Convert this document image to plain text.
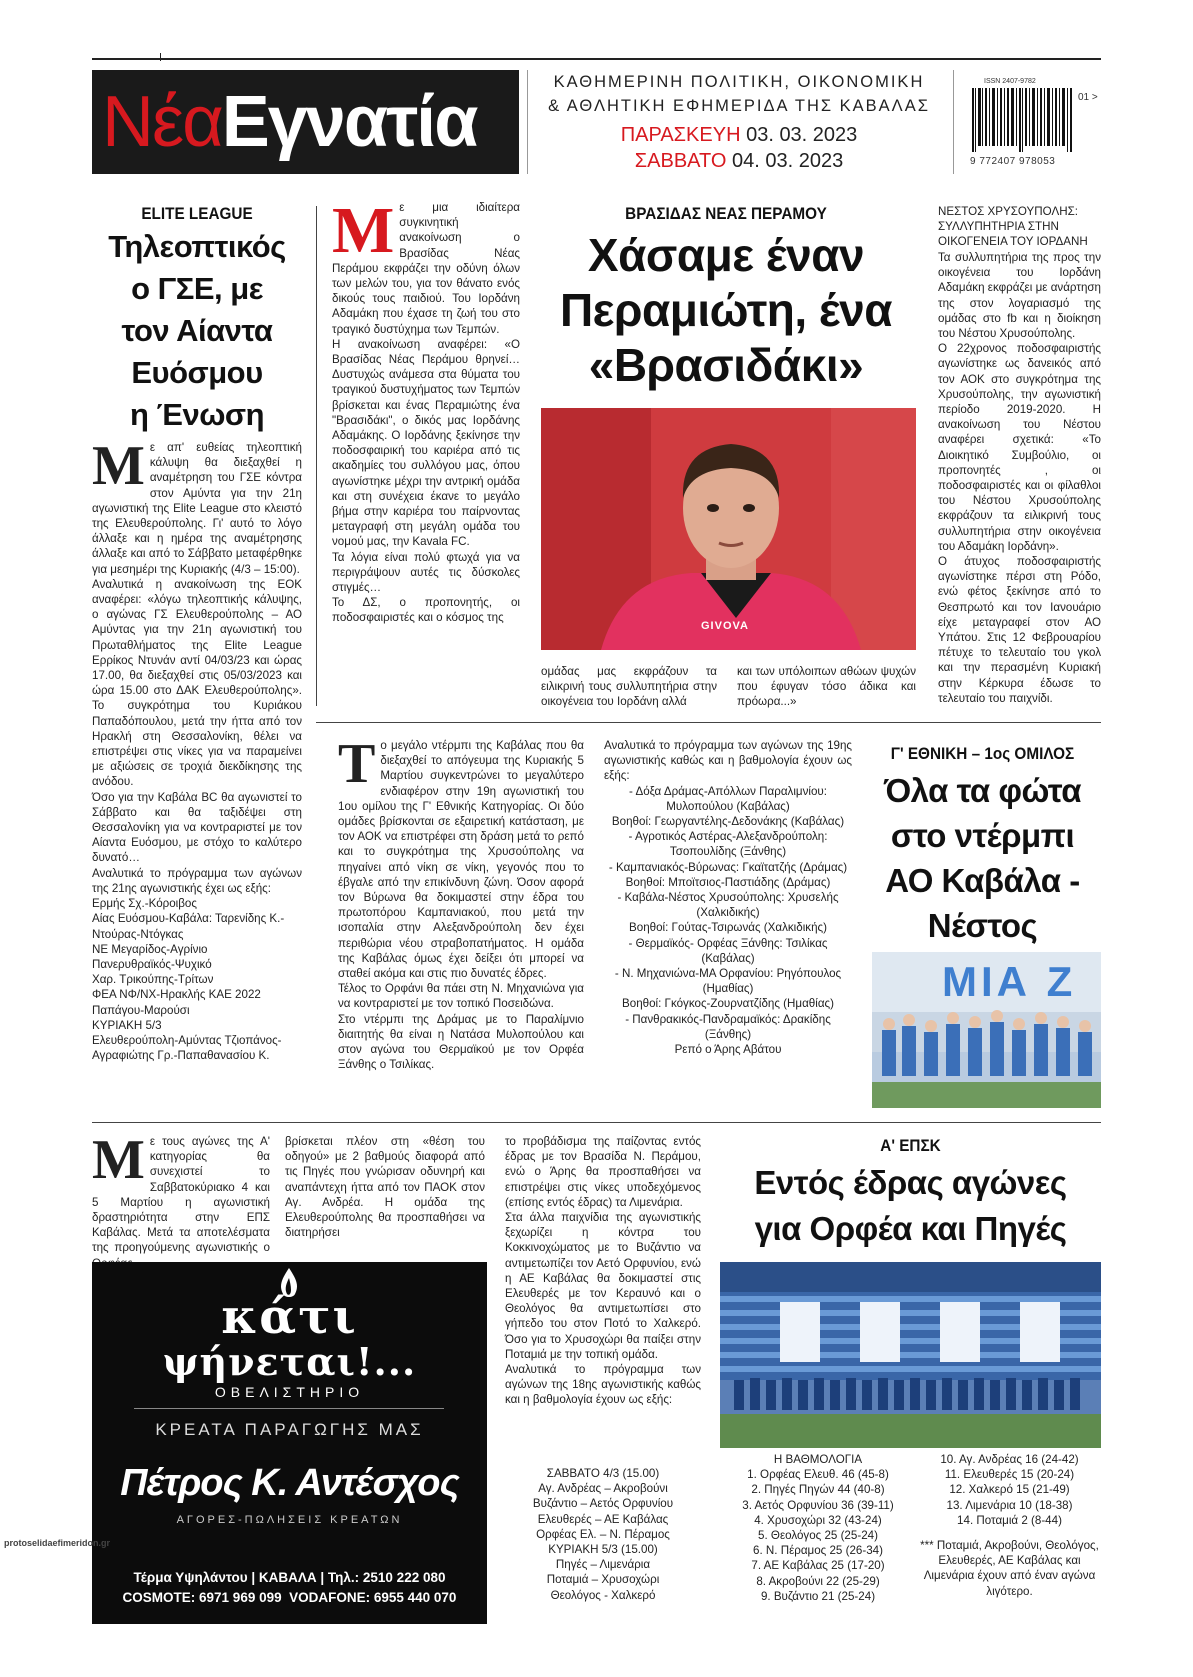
ΝέαΕγνατία	ΚΑΘΗΜΕΡΙΝΗ ΠΟΛΙΤΙΚΗ, ΟΙΚΟΝΟΜΙΚΗ
& ΑΘΛΗΤΙΚΗ ΕΦΗΜΕΡΙΔΑ ΤΗΣ ΚΑΒΑΛΑΣ
ΠΑΡΑΣΚΕΥΗ 03. 03. 2023
ΣΑΒΒΑΤΟ 04. 03. 2023
ISSN 2407-9782
01 >
9 772407 978053
ELITE LEAGUE
Τηλεοπτικός
ο ΓΣΕ, με
τον Αίαντα
Ευόσμου
η Ένωση
Μ ε απ' ευθείας τηλεοπτική κάλυψη θα διεξαχθεί η αναμέτρηση του ΓΣΕ κόντρα στον Αμύντα για την 21η αγωνιστική της Elite League στο κλειστό της Ελευθερούπολης. Γι' αυτό το λόγο άλλαξε και η ημέρα της αναμέτρησης άλλαξε και από το Σάββατο μεταφέρθηκε για μεσημέρι της Κυριακής (4/3 – 15:00).

Αναλυτικά η ανακοίνωση της ΕΟΚ αναφέρει: «λόγω τηλεοπτικής κάλυψης, ο αγώνας ΓΣ Ελευθερούπολης – ΑΟ Αμύντας για την 21η αγωνιστική του Πρωταθλήματος της Elite League Ερρίκος Ντυνάν αντί 04/03/23 και ώρας 17.00, θα διεξαχθεί στις 05/03/2023 και ώρα 15.00 στο ΔΑΚ Ελευθερούπολης». Το συγκρότημα του Κυριάκου Παπαδόπουλου, μετά την ήττα από τον Ηρακλή στη Θεσσαλονίκη, θέλει να επιστρέψει στις νίκες για να παραμείνει με αξιώσεις σε τροχιά διεκδίκησης της ανόδου.

Όσο για την Καβάλα BC θα αγωνιστεί το Σάββατο και θα ταξιδέψει στη Θεσσαλονίκη για να κοντραριστεί με τον Αίαντα Ευόσμου, με στόχο το καλύτερο δυνατό…

Αναλυτικά το πρόγραμμα των αγώνων της 21ης αγωνιστικής έχει ως εξής:

Ερμής Σχ.-Κόροιβος
Αίας Ευόσμου-Καβάλα: Ταρενίδης Κ.-Ντούρας-Ντόγκας
ΝΕ Μεγαρίδος-Αγρίνιο
Πανερυθραϊκός-Ψυχικό
Χαρ. Τρικούπης-Τρίτων
ΦΕΑ ΝΦ/ΝΧ-Ηρακλής ΚΑΕ 2022
Παπάγου-Μαρούσι
ΚΥΡΙΑΚΗ 5/3
Ελευθερούπολη-Αμύντας Τζιοπάνος-Αγραφιώτης Γρ.-Παπαθανασίου Κ.
Μ ε μια ιδιαίτερα συγκινητική ανακοίνωση ο Βρασίδας Νέας Περάμου εκφράζει την οδύνη όλων των μελών του, για τον θάνατο ενός δικούς τους παιδιού. Του Ιορδάνη Αδαμάκη που έχασε τη ζωή του στο τραγικό δυστύχημα των Τεμπών.

Η ανακοίνωση αναφέρει: «Ο Βρασίδας Νέας Περάμου θρηνεί… Δυστυχώς ανάμεσα στα θύματα του τραγικού δυστυχήματος των Τεμπών βρίσκεται και ένας Περαμιώτης ένα "Βρασιδάκι", ο δικός μας Ιορδάνης Αδαμάκης. Ο Ιορδάνης ξεκίνησε την ποδοσφαιρική του καριέρα από τις ακαδημίες του συλλόγου μας, όπου αγωνίστηκε μέχρι την αντρική ομάδα και στη συνέχεια έκανε το μεγάλο βήμα στην καριέρα του παίρνοντας μεταγραφή στη μεγάλη ομάδα του νομού μας, την Kavala FC.

Τα λόγια είναι πολύ φτωχά για να περιγράψουν αυτές τις δύσκολες στιγμές…

Το ΔΣ, ο προπονητής, οι ποδοσφαιριστές και ο κόσμος της

ΒΡΑΣΙΔΑΣ ΝΕΑΣ ΠΕΡΑΜΟΥ
Χάσαμε έναν
Περαμιώτη, ένα
«Βρασιδάκι»
GIVOVA
ομάδας μας εκφράζουν τα ειλικρινή τους συλλυπητήρια στην οικογένεια του Ιορδάνη αλλά
και των υπόλοιπων αθώων ψυχών που έφυγαν τόσο άδικα και πρόωρα...»
ΝΕΣΤΟΣ ΧΡΥΣΟΥΠΟΛΗΣ:
ΣΥΛΛΥΠΗΤΗΡΙΑ ΣΤΗΝ
ΟΙΚΟΓΕΝΕΙΑ ΤΟΥ ΙΟΡΔΑΝΗ

Τα συλλυπητήρια της προς την οικογένεια του Ιορδάνη Αδαμάκη εκφράζει με ανάρτηση της στον λογαριασμό της ομάδας στο fb και η διοίκηση του Νέστου Χρυσούπολης.

Ο 22χρονος ποδοσφαιριστής αγωνίστηκε ως δανεικός από τον ΑΟΚ στο συγκρότημα της Χρυσούπολης, την αγωνιστική περίοδο 2019-2020. Η ανακοίνωση του Νέστου αναφέρει σχετικά: «Το Διοικητικό Συμβούλιο, οι προπονητές , οι ποδοσφαιριστές και οι φίλαθλοι του Νέστου Χρυσούπολης εκφράζουν τα ειλικρινή τους συλλυπητήρια στην οικογένεια του Αδαμάκη Ιορδάνη».

Ο άτυχος ποδοσφαιριστής αγωνίστηκε πέρσι στη Ρόδο, ενώ φέτος ξεκίνησε από το Θεσπρωτό και τον Ιανουάριο είχε μεταγραφεί στον ΑΟ Υπάτου. Στις 12 Φεβρουαρίου πέτυχε το τελευταίο του γκολ και την περασμένη Κυριακή στην Κέρκυρα έδωσε το τελευταίο του παιχνίδι.

Τ ο μεγάλο ντέρμπι της Καβάλας που θα διεξαχθεί το απόγευμα της Κυριακής 5 Μαρτίου συγκεντρώνει το μεγαλύτερο ενδιαφέρον στην 19η αγωνιστική του 1ου ομίλου της Γ' Εθνικής Κατηγορίας. Οι δύο ομάδες βρίσκονται σε εξαιρετική κατάσταση, με τον ΑΟΚ να επιστρέφει στη δράση μετά το ρεπό και το συγκρότημα της Χρυσούπολης να πηγαίνει από νίκη σε νίκη, γεγονός που το έβγαλε από την επικίνδυνη ζώνη. Όσον αφορά τον Βύρωνα θα δοκιμαστεί στην έδρα του πρωτοπόρου Καμπανιακού, που μετά την ισοπαλία στην Αλεξανδρούπολη δεν έχει περιθώρια νέου στραβοπατήματος. Η ομάδα της Καβάλας όμως έχει δείξει ότι μπορεί να σταθεί ακόμα και στις πιο δυνατές έδρες.

Τέλος το Ορφάνι θα πάει στη Ν. Μηχανιώνα για να κοντραριστεί με τον τοπικό Ποσειδώνα.

Στο ντέρμπι της Δράμας με το Παραλίμνιο διαιτητής θα είναι η Νατάσα Μυλοπούλου και στον αγώνα του Θερμαϊκού με τον Ορφέα Ξάνθης ο Τσιλίκας.

Αναλυτικά το πρόγραμμα των αγώνων της 19ης αγωνιστικής καθώς και η βαθμολογία έχουν ως εξής:
- Δόξα Δράμας-Απόλλων Παραλιμνίου: Μυλοπούλου (Καβάλας)
Βοηθοί: Γεωργαντέλης-Δεδονάκης (Καβάλας)
- Αγροτικός Αστέρας-Αλεξανδρούπολη: Τσοπουλίδης (Ξάνθης)
- Καμπανιακός-Βύρωνας: Γκαϊτατζής (Δράμας)
Βοηθοί: Μποϊτσιος-Παστιάδης (Δράμας)
- Καβάλα-Νέστος Χρυσούπολης: Χρυσελής (Χαλκιδικής)
Βοηθοί: Γούτας-Τσιρωνάς (Χαλκιδικής)
- Θερμαϊκός- Ορφέας Ξάνθης: Τσιλίκας (Καβάλας)
- Ν. Μηχανιώνα-ΜΑ Ορφανίου: Ρηγόπουλος (Ημαθίας)
Βοηθοί: Γκόγκος-Ζουρνατζίδης (Ημαθίας)
- Πανθρακικός-Πανδραμαϊκός: Δρακίδης (Ξάνθης)
Ρεπό ο Άρης Αβάτου
Γ' ΕΘΝΙΚΗ – 1ος ΟΜΙΛΟΣ
Όλα τα φώτα
στο ντέρμπι
ΑΟ Καβάλα -
Νέστος
ΜΙΑ Ζ
Μ ε τους αγώνες της Α' κατηγορίας θα συνεχιστεί το Σαββατοκύριακο 4 και 5 Μαρτίου η αγωνιστική δραστηριότητα στην ΕΠΣ Καβάλας. Μετά τα αποτελέσματα της προηγούμενης αγωνιστικής ο
βρίσκεται πλέον στη «θέση του οδηγού» με 2 βαθμούς διαφορά από τις Πηγές που γνώρισαν οδυνηρή και αναπάντεχη ήττα από τον ΠΑΟΚ στον Αγ. Ανδρέα. Η ομάδα της Ελευθερούπολης θα προσπαθήσει να διατηρήσει

το προβάδισμα της παίζοντας εντός έδρας με τον Βρασίδα Ν. Περάμου, ενώ ο Άρης θα προσπαθήσει να επιστρέψει στις νίκες υποδεχόμενος (επίσης εντός έδρας) τα Λιμενάρια.

Στα άλλα παιχνίδια της αγωνιστικής ξεχωρίζει η κόντρα του Κοκκινοχώματος με το Βυζάντιο να αντιμετωπίζει τον Αετό Ορφυνίου, ενώ η ΑΕ Καβάλας θα δοκιμαστεί στις Ελευθερές με τον Κεραυνό και ο Θεολόγος θα αντιμετωπίσει στο γήπεδο του στον Ποτό το Χαλκερό. Όσο για το Χρυσοχώρι θα παίξει στην Ποταμιά με την τοπική ομάδα.

Αναλυτικά το πρόγραμμα των αγώνων της 18ης αγωνιστικής καθώς και η βαθμολογία έχουν ως εξής:

ΣΑΒΒΑΤΟ 4/3 (15.00)
Αγ. Ανδρέας – Ακροβούνι
Βυζάντιο – Αετός Ορφυνίου
Ελευθερές – ΑΕ Καβάλας
Ορφέας Ελ. – Ν. Πέραμος
ΚΥΡΙΑΚΗ 5/3 (15.00)
Πηγές – Λιμενάρια
Ποταμιά – Χρυσοχώρι
Θεολόγος - Χαλκερό
Α' ΕΠΣΚ
Εντός έδρας αγώνες
για Ορφέα και Πηγές
Η ΒΑΘΜΟΛΟΓΙΑ
1. Ορφέας Ελευθ. 46 (45-8)
2. Πηγές Πηγών 44 (40-8)
3. Αετός Ορφυνίου 36 (39-11)
4. Χρυσοχώρι 32 (43-24)
5. Θεολόγος 25 (25-24)
6. Ν. Πέραμος 25 (26-34)
7. ΑΕ Καβάλας 25 (17-20)
8. Ακροβούνι 22 (25-29)
9. Βυζάντιο 21 (25-24)
10. Αγ. Ανδρέας 16 (24-42)
11. Ελευθερές 15 (20-24)
12. Χαλκερό 15 (21-49)
13. Λιμενάρια 10 (18-38)
14. Ποταμιά 2 (8-44)
*** Ποταμιά, Ακροβούνι, Θεολόγος, Ελευθερές, ΑΕ Καβάλας και Λιμενάρια έχουν από έναν αγώνα λιγότερο.
κάτι
ψήνεται!...
ΟΒΕΛΙΣΤΗΡΙΟ
ΚΡΕΑΤΑ ΠΑΡΑΓΩΓΗΣ ΜΑΣ
Πέτρος Κ. Αντέσχος
ΑΓΟΡΕΣ-ΠΩΛΗΣΕΙΣ ΚΡΕΑΤΩΝ
Τέρμα Υψηλάντου | ΚΑΒΑΛΑ | Τηλ.: 2510 222 080
COSMOTE: 6971 969 099  VODAFONE: 6955 440 070
protoselidaefimeridon.gr
